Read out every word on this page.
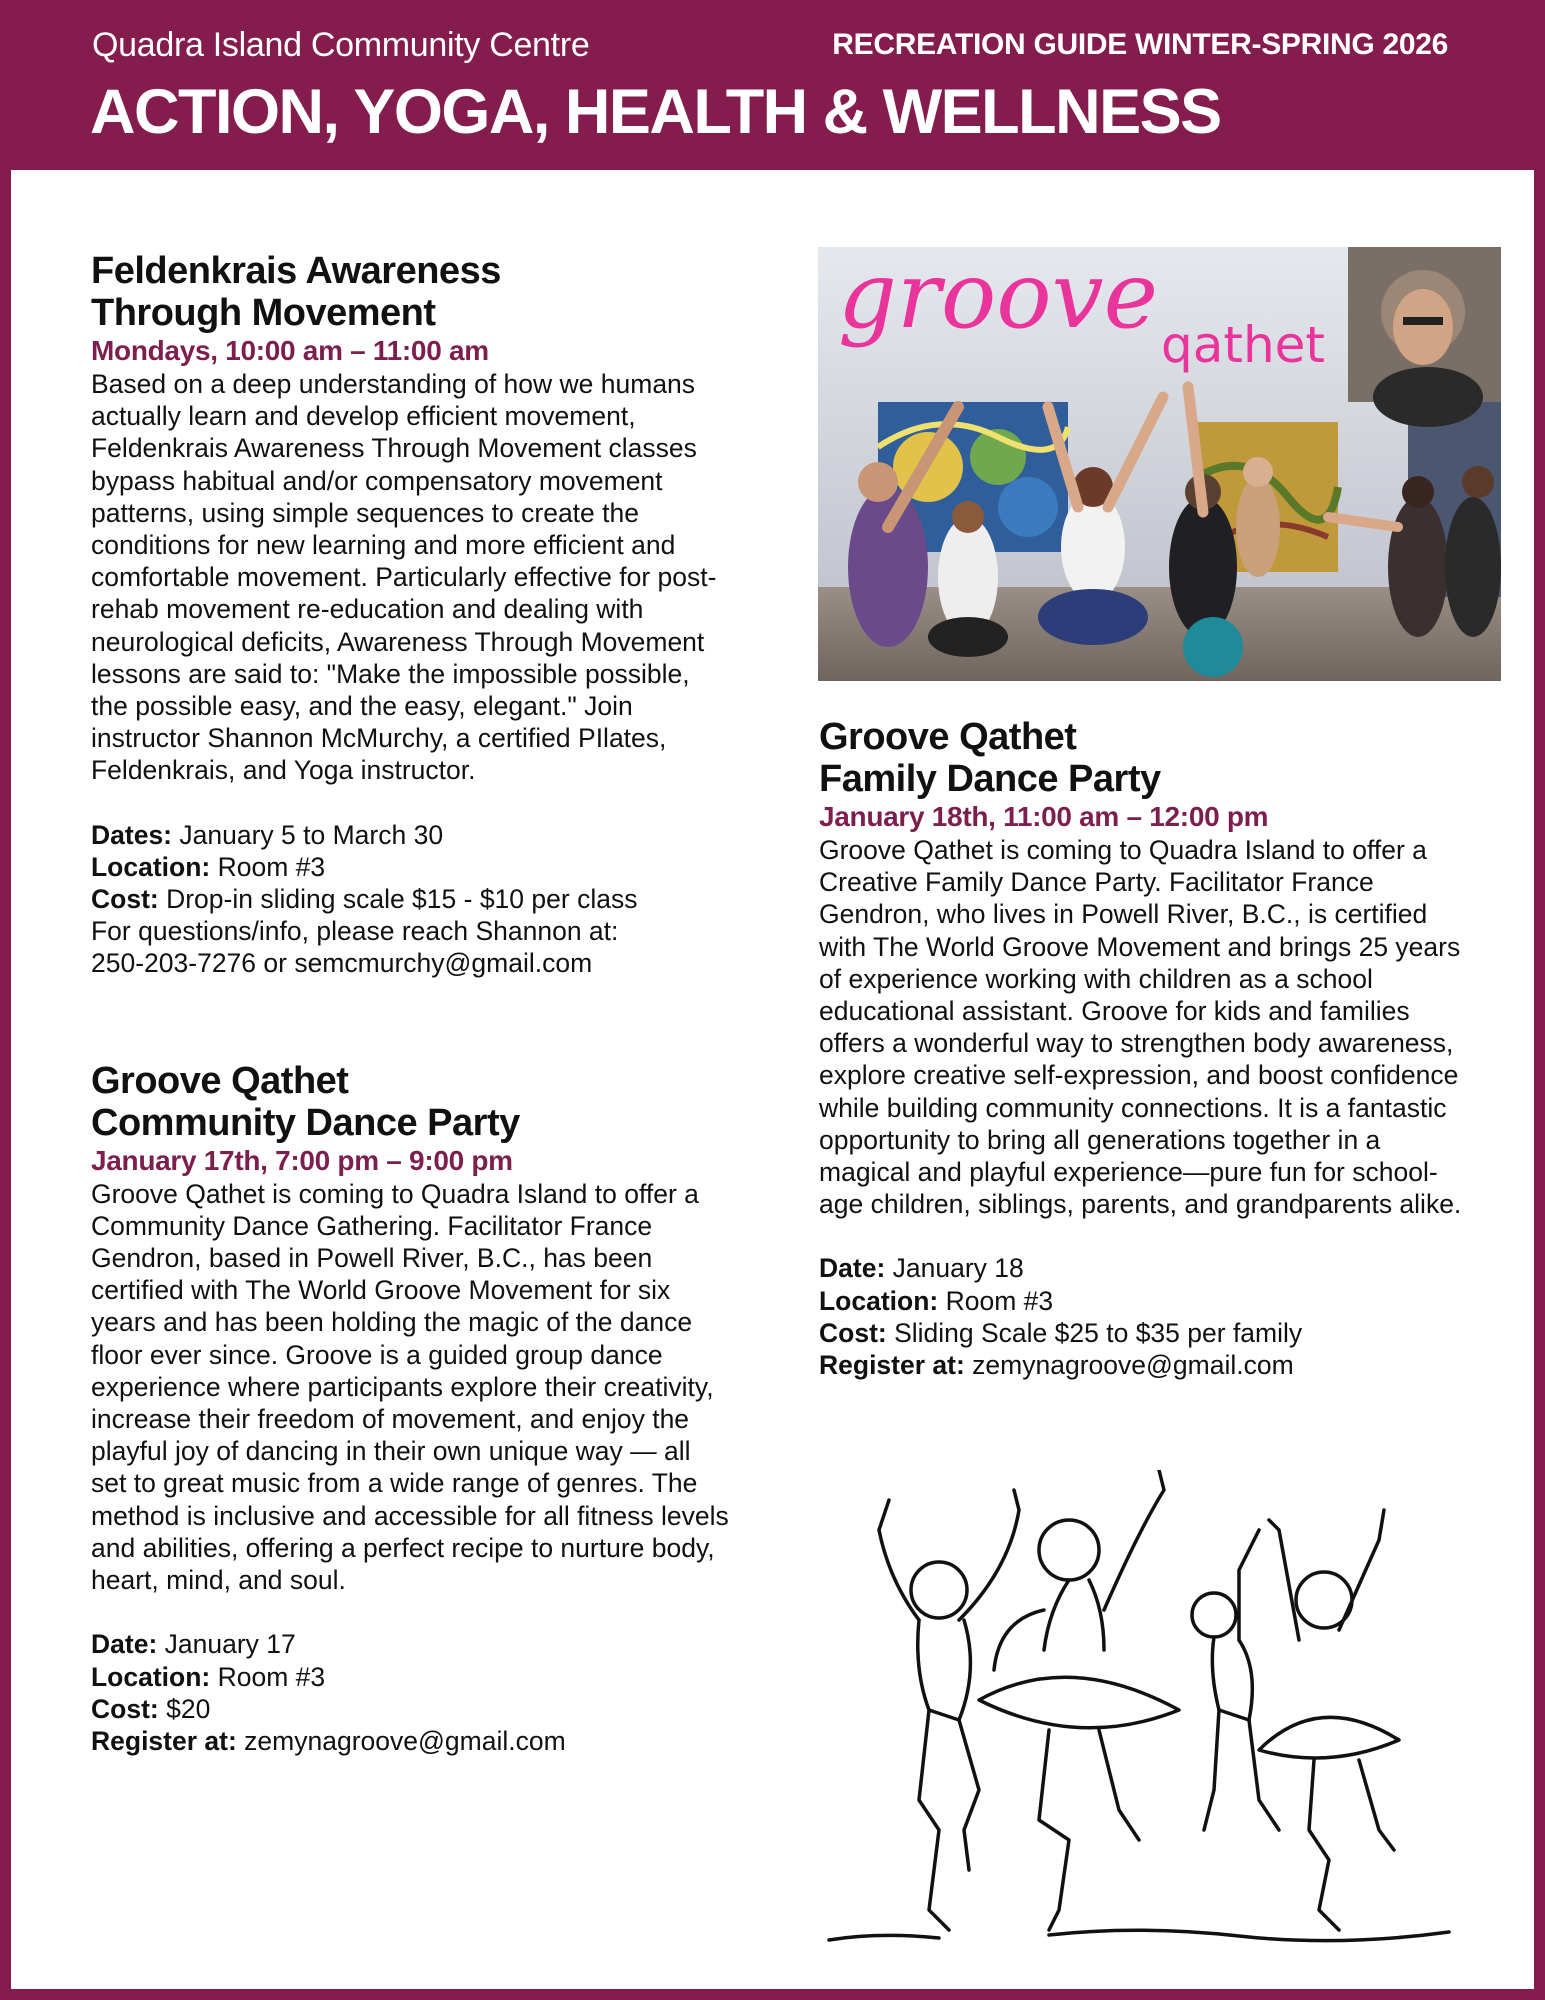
Quadra Island Community Centre	RECREATION GUIDE WINTER-SPRING 2026
ACTION, YOGA, HEALTH & WELLNESS
Feldenkrais Awareness
Through Movement

Mondays, 10:00 am – 11:00 am

Based on a deep understanding of how we humans actually learn and develop efficient movement, Feldenkrais Awareness Through Movement classes bypass habitual and/or compensatory movement patterns, using simple sequences to create the conditions for new learning and more efficient and comfortable movement. Particularly effective for post-rehab movement re-education and dealing with neurological deficits, Awareness Through Movement lessons are said to: "Make the impossible possible, the possible easy, and the easy, elegant." Join instructor Shannon McMurchy, a certified PIlates, Feldenkrais, and Yoga instructor.

Dates: January 5 to March 30
Location: Room #3
Cost: Drop-in sliding scale $15 - $10 per class
For questions/info, please reach Shannon at:
250-203-7276 or semcmurchy@gmail.com
Groove Qathet
Community Dance Party

January 17th, 7:00 pm – 9:00 pm

Groove Qathet is coming to Quadra Island to offer a Community Dance Gathering. Facilitator France Gendron, based in Powell River, B.C., has been certified with The World Groove Movement for six years and has been holding the magic of the dance floor ever since. Groove is a guided group dance experience where participants explore their creativity, increase their freedom of movement, and enjoy the playful joy of dancing in their own unique way — all set to great music from a wide range of genres. The method is inclusive and accessible for all fitness levels and abilities, offering a perfect recipe to nurture body, heart, mind, and soul.

Date: January 17
Location: Room #3
Cost: $20
Register at: zemynagroove@gmail.com
groove qathet
Groove Qathet
Family Dance Party

January 18th, 11:00 am – 12:00 pm

Groove Qathet is coming to Quadra Island to offer a Creative Family Dance Party. Facilitator France Gendron, who lives in Powell River, B.C., is certified with The World Groove Movement and brings 25 years of experience working with children as a school educational assistant. Groove for kids and families offers a wonderful way to strengthen body awareness, explore creative self-expression, and boost confidence while building community connections. It is a fantastic opportunity to bring all generations together in a magical and playful experience—pure fun for school-age children, siblings, parents, and grandparents alike.

Date: January 18
Location: Room #3
Cost: Sliding Scale $25 to $35 per family
Register at: zemynagroove@gmail.com
